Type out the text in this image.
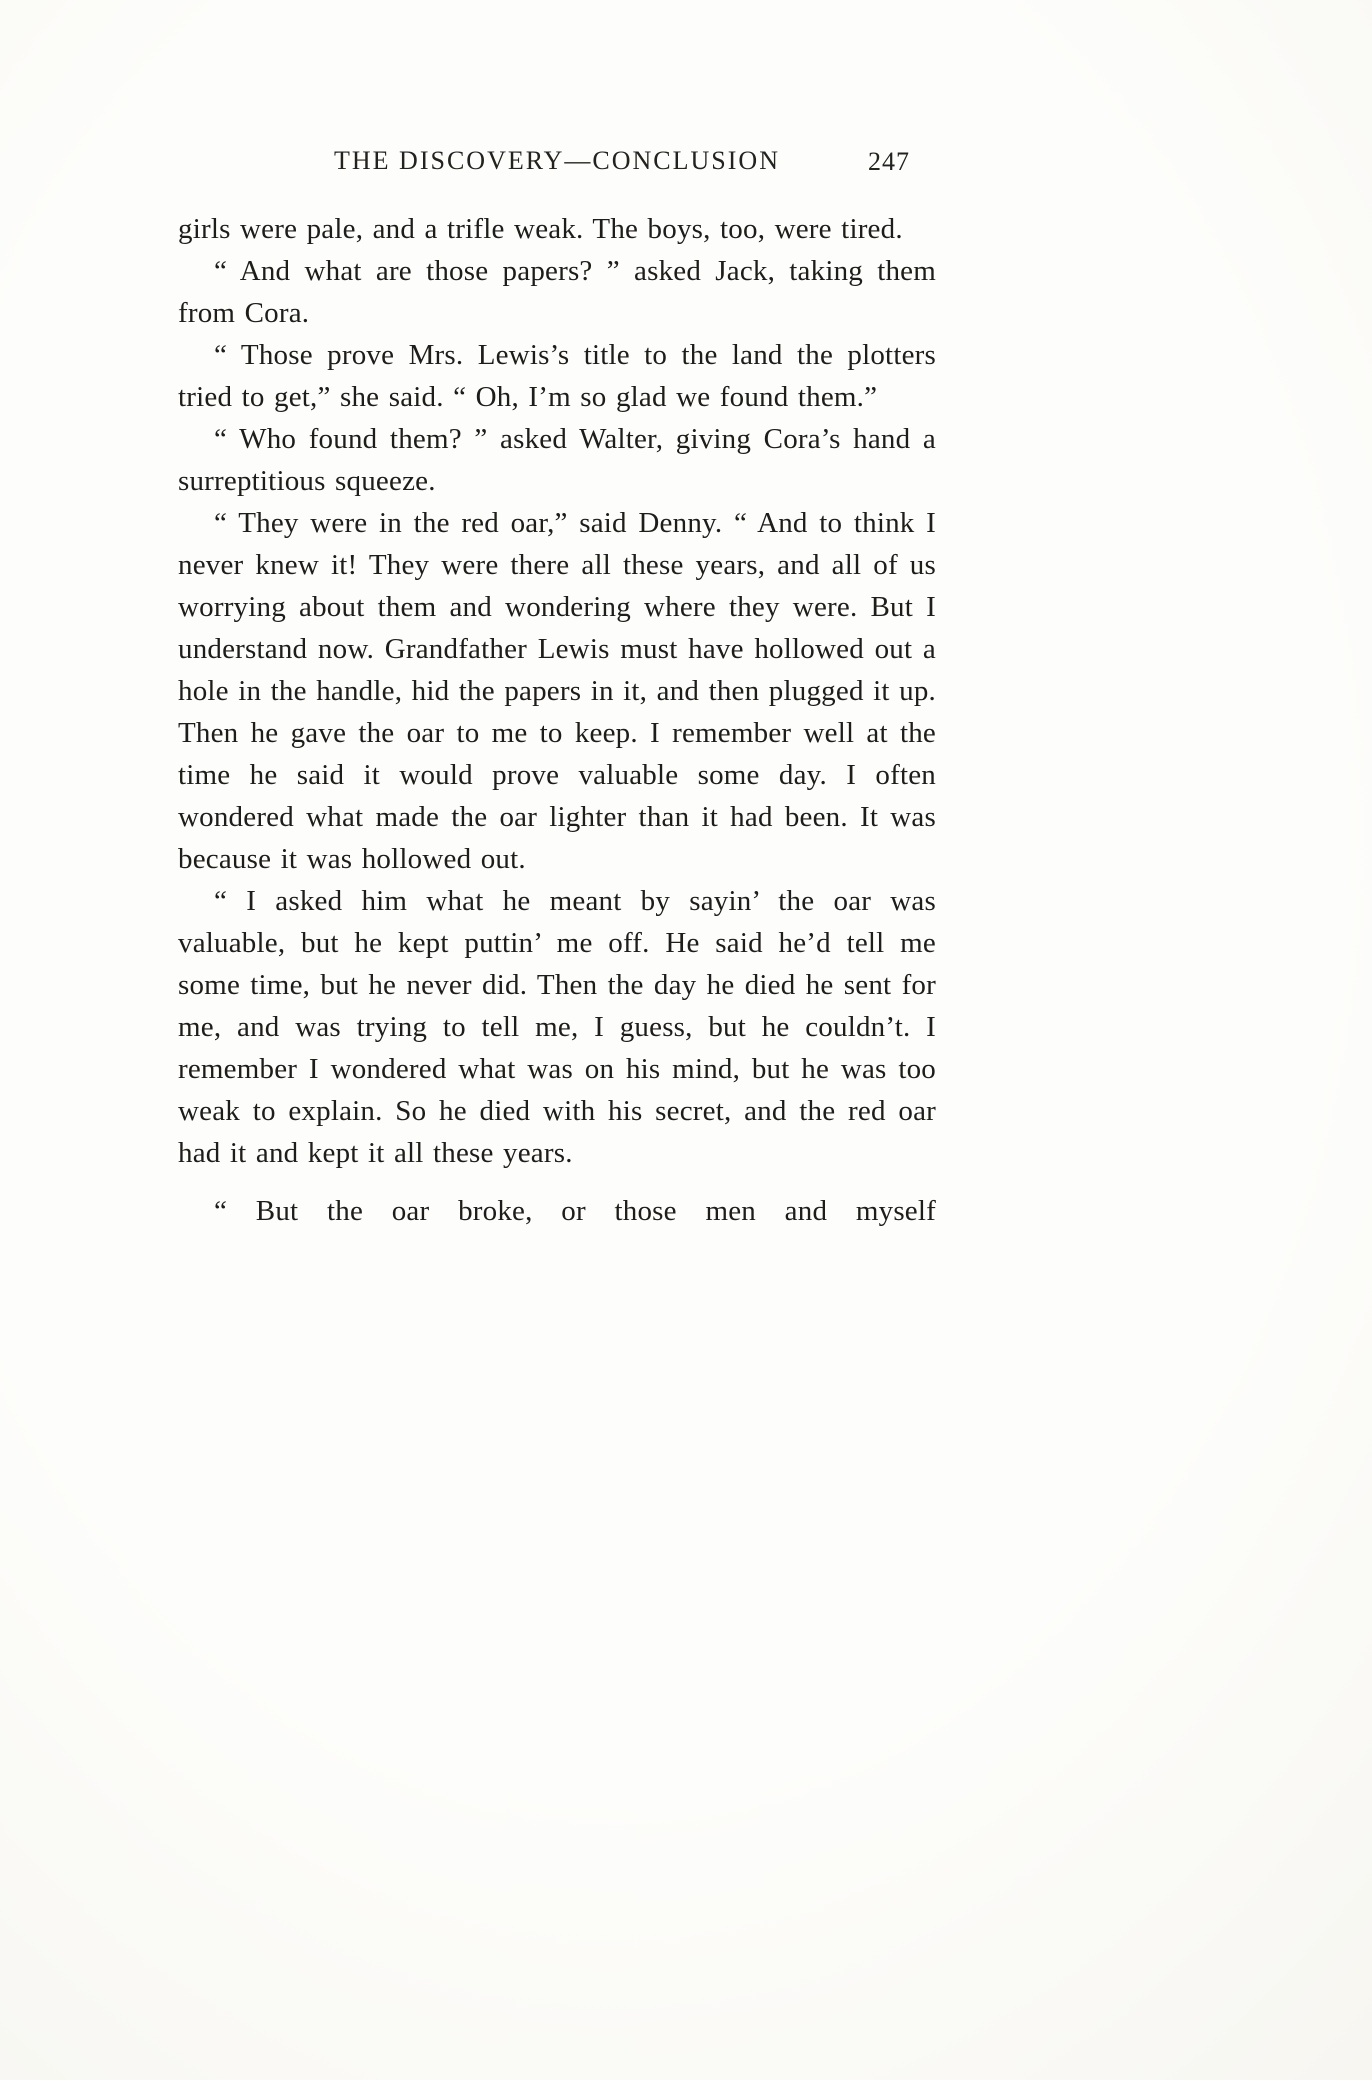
THE DISCOVERY—CONCLUSION	247

girls were pale, and a trifle weak. The boys, too, were tired.

“ And what are those papers? ” asked Jack, taking them from Cora.

“ Those prove Mrs. Lewis’s title to the land the plotters tried to get,” she said. “ Oh, I’m so glad we found them.”

“ Who found them? ” asked Walter, giving Cora’s hand a surreptitious squeeze.

“ They were in the red oar,” said Denny. “ And to think I never knew it! They were there all these years, and all of us worrying about them and wondering where they were. But I understand now. Grandfather Lewis must have hollowed out a hole in the handle, hid the papers in it, and then plugged it up. Then he gave the oar to me to keep. I remember well at the time he said it would prove valuable some day. I often wondered what made the oar lighter than it had been. It was because it was hollowed out.

“ I asked him what he meant by sayin’ the oar was valuable, but he kept puttin’ me off. He said he’d tell me some time, but he never did. Then the day he died he sent for me, and was trying to tell me, I guess, but he couldn’t. I remember I wondered what was on his mind, but he was too weak to explain. So he died with his secret, and the red oar had it and kept it all these years.

“ But the oar broke, or those men and myself
